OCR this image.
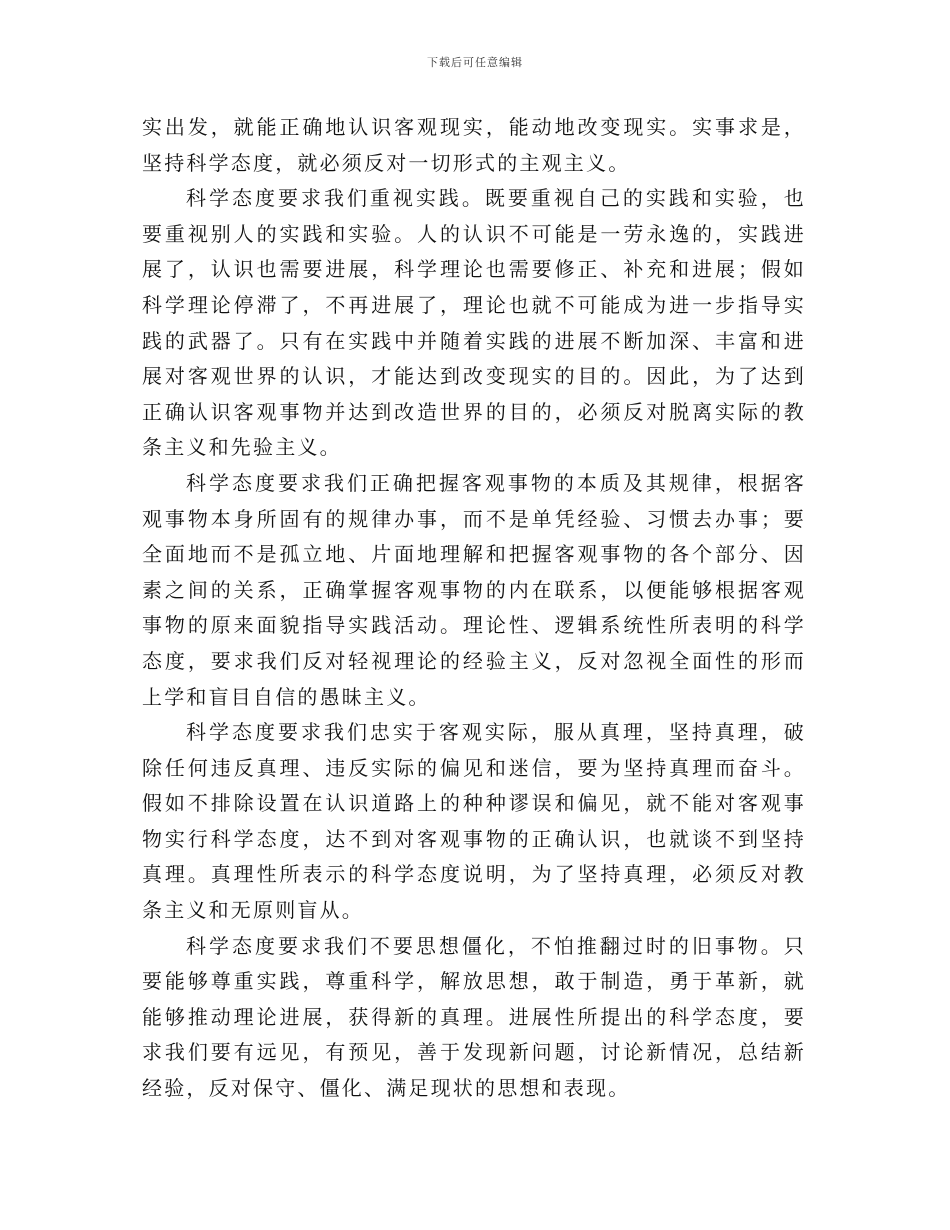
下载后可任意编辑

实出发，就能正确地认识客观现实，能动地改变现实。实事求是，坚持科学态度，就必须反对一切形式的主观主义。

科学态度要求我们重视实践。既要重视自己的实践和实验，也要重视别人的实践和实验。人的认识不可能是一劳永逸的，实践进展了，认识也需要进展，科学理论也需要修正、补充和进展；假如科学理论停滞了，不再进展了，理论也就不可能成为进一步指导实践的武器了。只有在实践中并随着实践的进展不断加深、丰富和进展对客观世界的认识，才能达到改变现实的目的。因此，为了达到正确认识客观事物并达到改造世界的目的，必须反对脱离实际的教条主义和先验主义。

科学态度要求我们正确把握客观事物的本质及其规律，根据客观事物本身所固有的规律办事，而不是单凭经验、习惯去办事；要全面地而不是孤立地、片面地理解和把握客观事物的各个部分、因素之间的关系，正确掌握客观事物的内在联系，以便能够根据客观事物的原来面貌指导实践活动。理论性、逻辑系统性所表明的科学态度，要求我们反对轻视理论的经验主义，反对忽视全面性的形而上学和盲目自信的愚昧主义。

科学态度要求我们忠实于客观实际，服从真理，坚持真理，破除任何违反真理、违反实际的偏见和迷信，要为坚持真理而奋斗。假如不排除设置在认识道路上的种种谬误和偏见，就不能对客观事物实行科学态度，达不到对客观事物的正确认识，也就谈不到坚持真理。真理性所表示的科学态度说明，为了坚持真理，必须反对教条主义和无原则盲从。

科学态度要求我们不要思想僵化，不怕推翻过时的旧事物。只要能够尊重实践，尊重科学，解放思想，敢于制造，勇于革新，就能够推动理论进展，获得新的真理。进展性所提出的科学态度，要求我们要有远见，有预见，善于发现新问题，讨论新情况，总结新经验，反对保守、僵化、满足现状的思想和表现。
